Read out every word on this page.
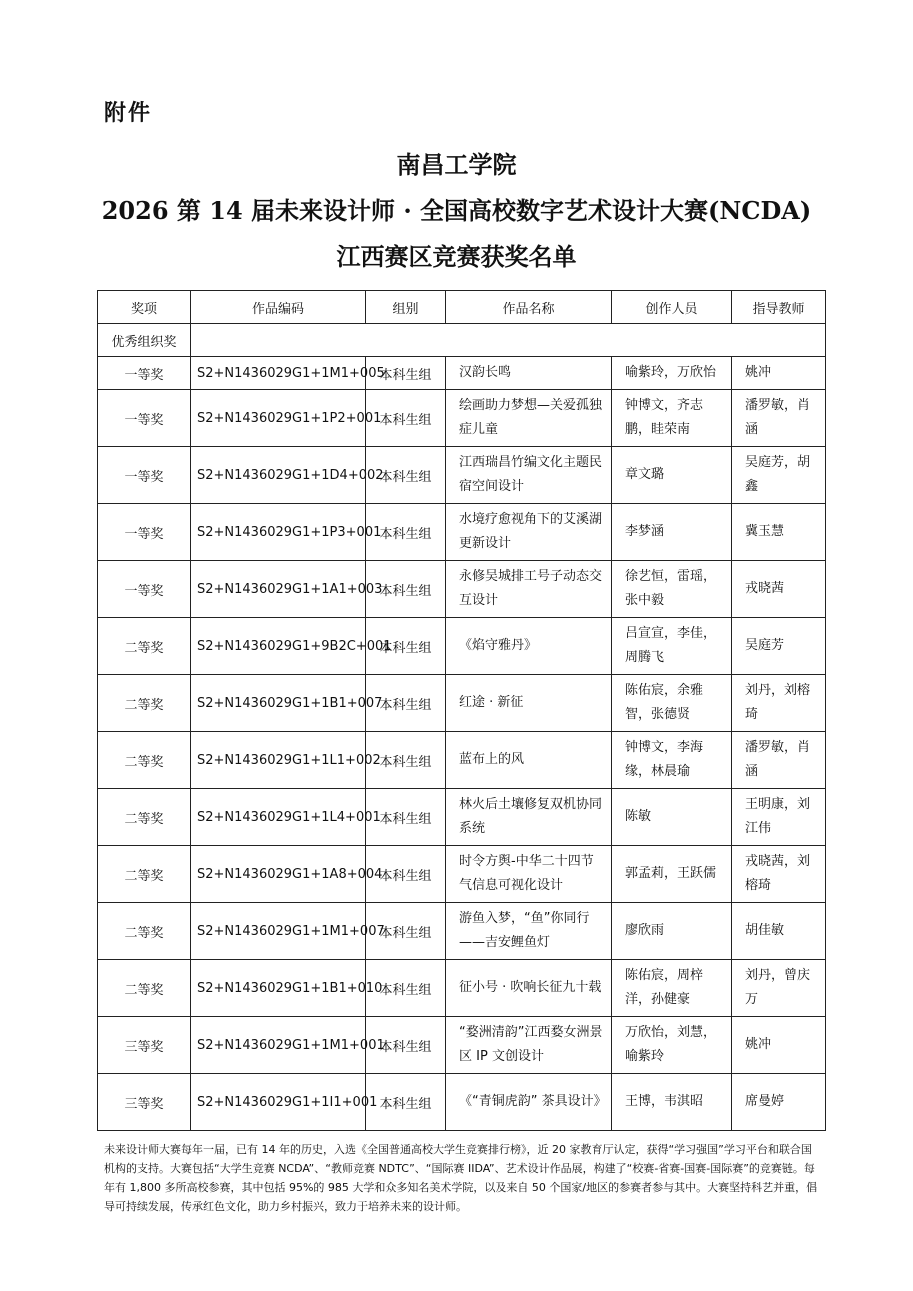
附件
南昌工学院
2026 第 14 届未来设计师 · 全国高校数字艺术设计大赛(NCDA)
江西赛区竞赛获奖名单
奖项	作品编码	组别	作品名称	创作人员	指导教师
优秀组织奖					
一等奖	S2+N1436029G1+1M1+005	本科生组	汉韵长鸣	喻紫玲，万欣怡	姚冲
一等奖	S2+N1436029G1+1P2+001	本科生组	绘画助力梦想—关爱孤独症儿童	钟博文，齐志鹏，眭荣南	潘罗敏，肖涵
一等奖	S2+N1436029G1+1D4+002	本科生组	江西瑞昌竹编文化主题民宿空间设计	章文璐	吴庭芳，胡鑫
一等奖	S2+N1436029G1+1P3+001	本科生组	水境疗愈视角下的艾溪湖更新设计	李梦涵	冀玉慧
一等奖	S2+N1436029G1+1A1+003	本科生组	永修吴城排工号子动态交互设计	徐艺恒，雷瑶，张中毅	戎晓茜
二等奖	S2+N1436029G1+9B2C+001	本科生组	《焰守雅丹》	吕宣宣，李佳，周腾飞	吴庭芳
二等奖	S2+N1436029G1+1B1+007	本科生组	红途 · 新征	陈佑宸，余雅智，张德贤	刘丹，刘榕琦
二等奖	S2+N1436029G1+1L1+002	本科生组	蓝布上的风	钟博文，李海缘，林晨瑜	潘罗敏，肖涵
二等奖	S2+N1436029G1+1L4+001	本科生组	林火后土壤修复双机协同系统	陈敏	王明康，刘江伟
二等奖	S2+N1436029G1+1A8+004	本科生组	时令方舆-中华二十四节气信息可视化设计	郭孟莉，王跃儒	戎晓茜，刘榕琦
二等奖	S2+N1436029G1+1M1+007	本科生组	游鱼入梦，“鱼”你同行——吉安鲤鱼灯	廖欣雨	胡佳敏
二等奖	S2+N1436029G1+1B1+010	本科生组	征小号 · 吹响长征九十载	陈佑宸，周梓洋，孙健豪	刘丹，曾庆万
三等奖	S2+N1436029G1+1M1+001	本科生组	“婺洲清韵”江西婺女洲景区 IP 文创设计	万欣怡，刘慧，喻紫玲	姚冲
三等奖	S2+N1436029G1+1I1+001	本科生组	《“青铜虎韵” 茶具设计》	王博，韦淇昭	席曼婷
未来设计师大赛每年一届，已有 14 年的历史，入选《全国普通高校大学生竞赛排行榜》，近 20 家教育厅认定，获得“学习强国”学习平台和联合国机构的支持。大赛包括“大学生竞赛 NCDA”、“教师竞赛 NDTC”、“国际赛 IIDA”、艺术设计作品展，构建了“校赛-省赛-国赛-国际赛”的竞赛链。每年有 1,800 多所高校参赛，其中包括 95%的 985 大学和众多知名美术学院，以及来自 50 个国家/地区的参赛者参与其中。大赛坚持科艺并重，倡导可持续发展，传承红色文化，助力乡村振兴，致力于培养未来的设计师。
